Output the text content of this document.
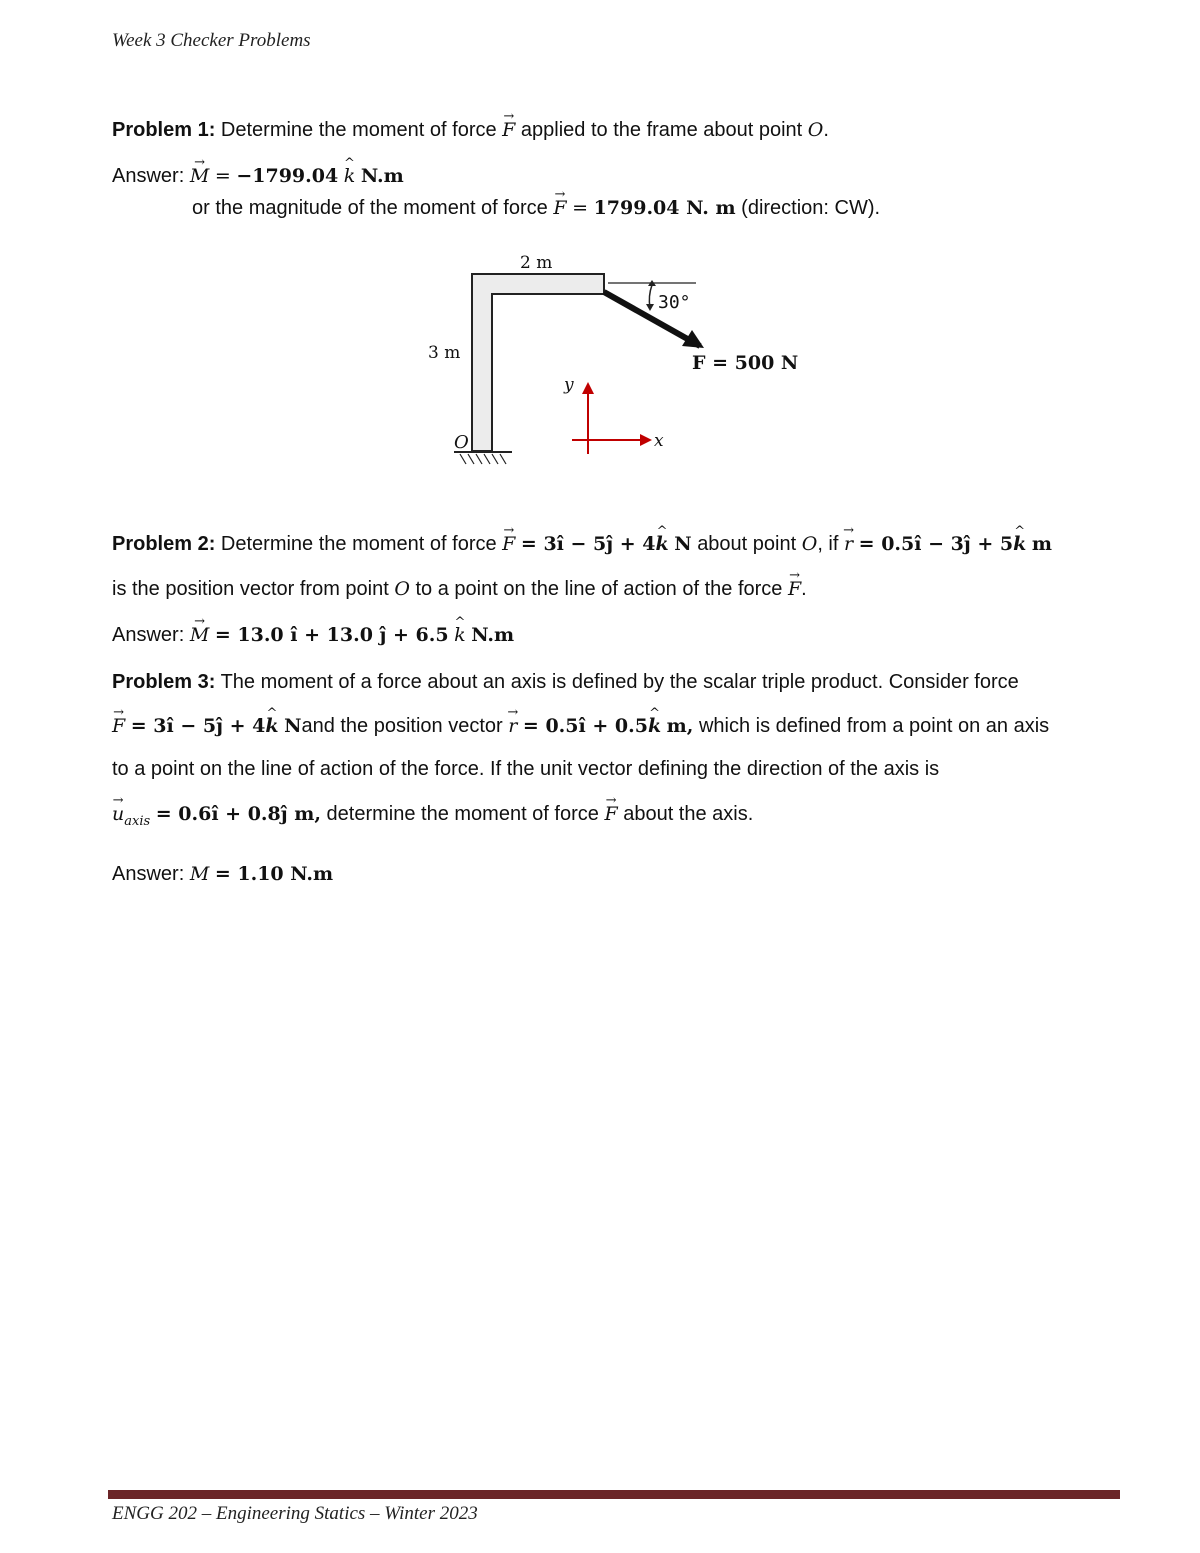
Week 3 Checker Problems
Problem 1: Determine the moment of force F → applied to the frame about point O.
Answer: M → = −1799.04 k ^ N.m
or the magnitude of the moment of force F → = 1799.04 N. m (direction: CW).
30°
F = 500 N
2 m
3 m
O
y
x
Problem 2: Determine the moment of force F → = 3ı̂ − 5ȷ̂ + 4k ^ N about point O, if r → = 0.5ı̂ − 3ȷ̂ + 5k ^ m
is the position vector from point O to a point on the line of action of the force F →.
Answer: M → = 13.0 ı̂ + 13.0 ȷ̂ + 6.5 k ^ N.m
Problem 3: The moment of a force about an axis is defined by the scalar triple product. Consider force
F → = 3ı̂ − 5ȷ̂ + 4k ^ Nand the position vector r → = 0.5ı̂ + 0.5k ^ m, which is defined from a point on an axis
to a point on the line of action of the force. If the unit vector defining the direction of the axis is
$u \to_{axis}$ = 0.6ı̂ + 0.8ȷ̂ m, determine the moment of force F → about the axis.
Answer: M = 1.10 N.m
ENGG 202 – Engineering Statics – Winter 2023
